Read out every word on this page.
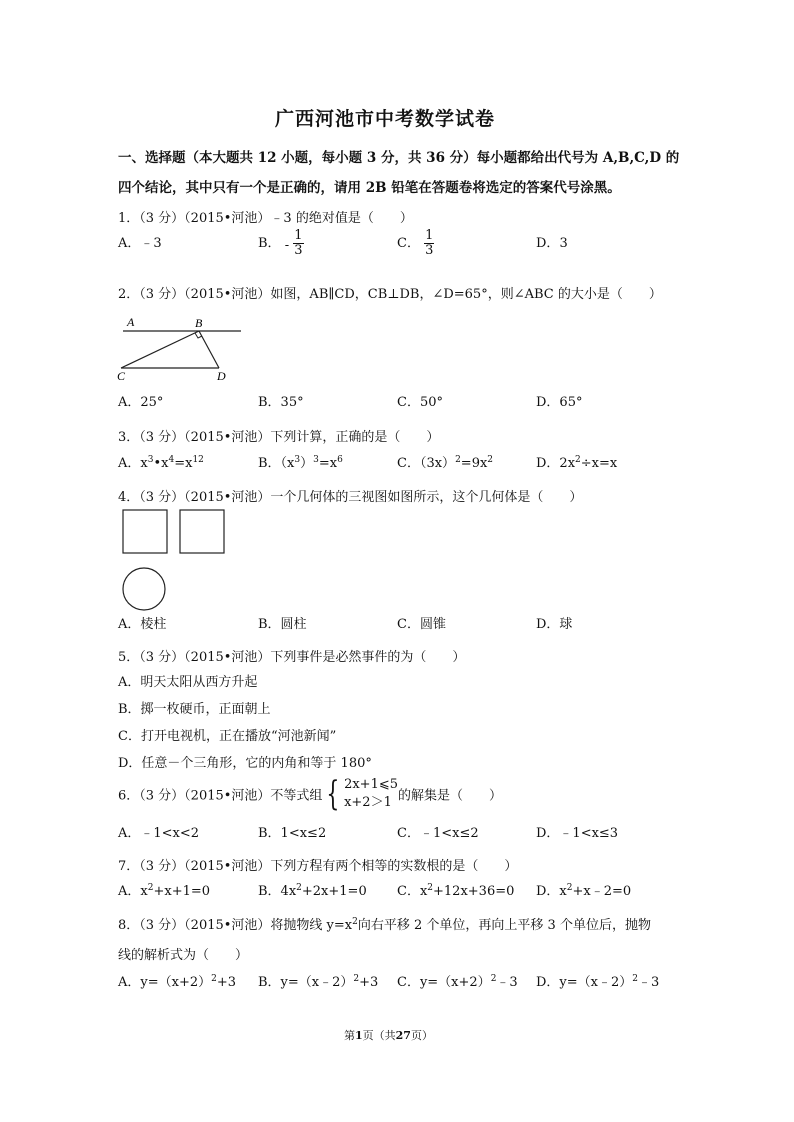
广西河池市中考数学试卷
一、选择题（本大题共 12 小题，每小题 3 分，共 36 分）每小题都给出代号为 A,B,C,D 的
四个结论，其中只有一个是正确的，请用 2B 铅笔在答题卷将选定的答案代号涂黑。
1．（3 分）（2015•河池）﹣3 的绝对值是（　　）
A．﹣3	B． - $\frac{1}{3}$	C． $\frac{1}{3}$	D．3
2．（3 分）（2015•河池）如图，AB∥CD，CB⊥DB，∠D=65°，则∠ABC 的大小是（　　）
A	B
C	D
A．25°	B．35°	C．50°	D．65°
3．（3 分）（2015•河池）下列计算，正确的是（　　）
A．$x^3•x^4=x^{12}$	B．$(x^3)^3=x^6$	C．$(3x)^2=9x^2$	D．$2x^2\div x=x$
4．（3 分）（2015•河池）一个几何体的三视图如图所示，这个几何体是（　　）
A．棱柱	B．圆柱	C．圆锥	D．球
5．（3 分）（2015•河池）下列事件是必然事件的为（　　）
A．明天太阳从西方升起
B．掷一枚硬币，正面朝上
C．打开电视机，正在播放“河池新闻”
D．任意－个三角形，它的内角和等于 180°
6．（3 分）（2015•河池）不等式组 { 2x+1⩽5
x+2＞1 的解集是（　　）
A．﹣1<x<2	B．1<x≤2	C．﹣1<x≤2	D．﹣1<x≤3
7．（3 分）（2015•河池）下列方程有两个相等的实数根的是（　　）
A．$x^2+x+1=0$	B．$4x^2+2x+1=0$ C．$x^2+12x+36=0$ D．$x^2+x﹣2=0$
8．（3 分）（2015•河池）将抛物线 $y=x^2$向右平移 2 个单位，再向上平移 3 个单位后，抛物
线的解析式为（　　）
A．$y=(x+2)^2+3$ B．y=（x﹣2）$^2$+3 C．$y=(x+2)^2﹣3$ D．y=（x﹣2）$^2$﹣3
第1页（共27页）
